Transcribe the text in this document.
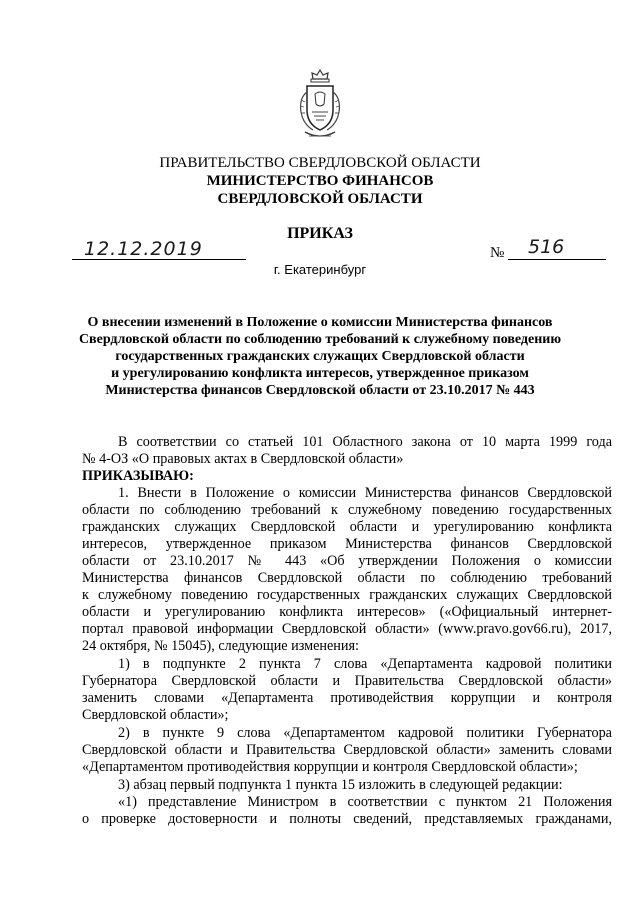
ПРАВИТЕЛЬСТВО СВЕРДЛОВСКОЙ ОБЛАСТИ
МИНИСТЕРСТВО ФИНАНСОВ
СВЕРДЛОВСКОЙ ОБЛАСТИ
ПРИКАЗ
12.12.2019	№	516
г. Екатеринбург
О внесении изменений в Положение о комиссии Министерства финансов
Свердловской области по соблюдению требований к служебному поведению
государственных гражданских служащих Свердловской области
и урегулированию конфликта интересов, утвержденное приказом
Министерства финансов Свердловской области от 23.10.2017 № 443
В соответствии со статьей 101 Областного закона от 10 марта 1999 года
№ 4-ОЗ «О правовых актах в Свердловской области»
ПРИКАЗЫВАЮ:
1. Внести в Положение о комиссии Министерства финансов Свердловской
области по соблюдению требований к служебному поведению государственных
гражданских служащих Свердловской области и урегулированию конфликта
интересов, утвержденное приказом Министерства финансов Свердловской
области от 23.10.2017 № 443 «Об утверждении Положения о комиссии
Министерства финансов Свердловской области по соблюдению требований
к служебному поведению государственных гражданских служащих Свердловской
области и урегулированию конфликта интересов» («Официальный интернет-
портал правовой информации Свердловской области» (www.pravo.gov66.ru), 2017,
24 октября, № 15045), следующие изменения:
1) в подпункте 2 пункта 7 слова «Департамента кадровой политики
Губернатора Свердловской области и Правительства Свердловской области»
заменить словами «Департамента противодействия коррупции и контроля
Свердловской области»;
2) в пункте 9 слова «Департаментом кадровой политики Губернатора
Свердловской области и Правительства Свердловской области» заменить словами
«Департаментом противодействия коррупции и контроля Свердловской области»;
3) абзац первый подпункта 1 пункта 15 изложить в следующей редакции:
«1) представление Министром в соответствии с пунктом 21 Положения
о проверке достоверности и полноты сведений, представляемых гражданами,
